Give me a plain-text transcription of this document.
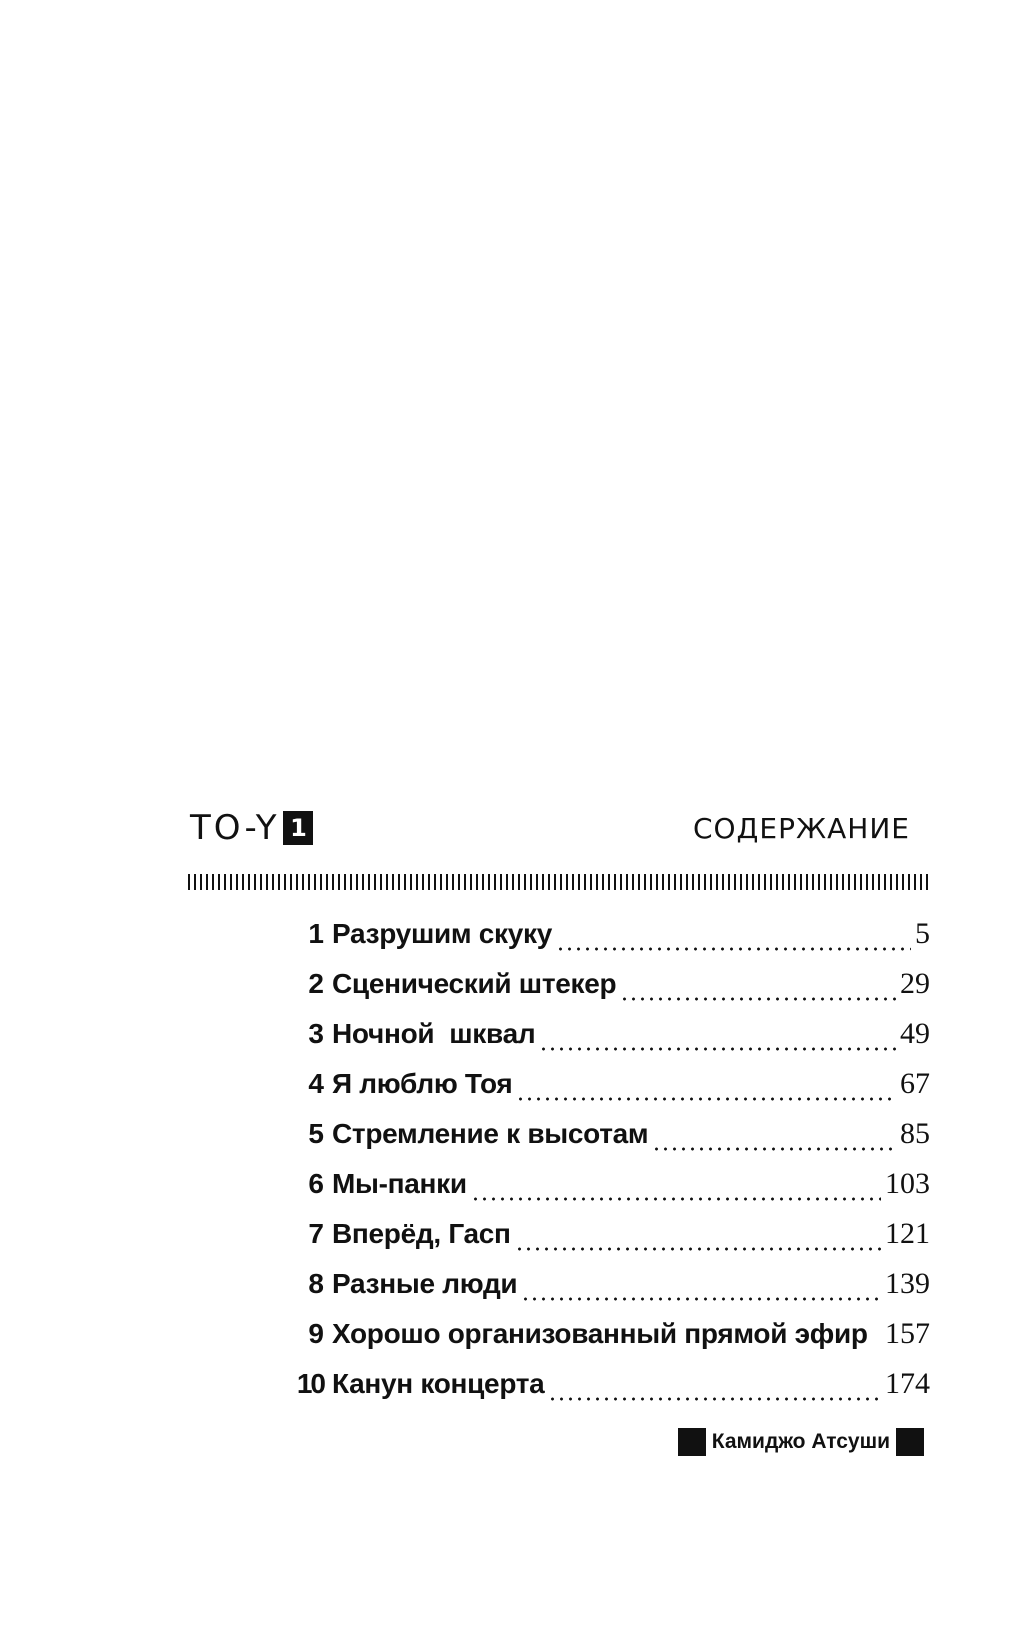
TO-Y 1	СОДЕРЖАНИЕ
1 Разрушим скуку	5
2 Сценический штекер	29
3 Ночной  шквал	49
4 Я люблю Тоя	67
5 Стремление к высотам	85
6 Мы-панки	103
7 Вперёд, Гасп	121
8 Разные люди	139
9 Хорошо организованный прямой эфир 157
10 Канун концерта	174
Камиджо Атсуши
